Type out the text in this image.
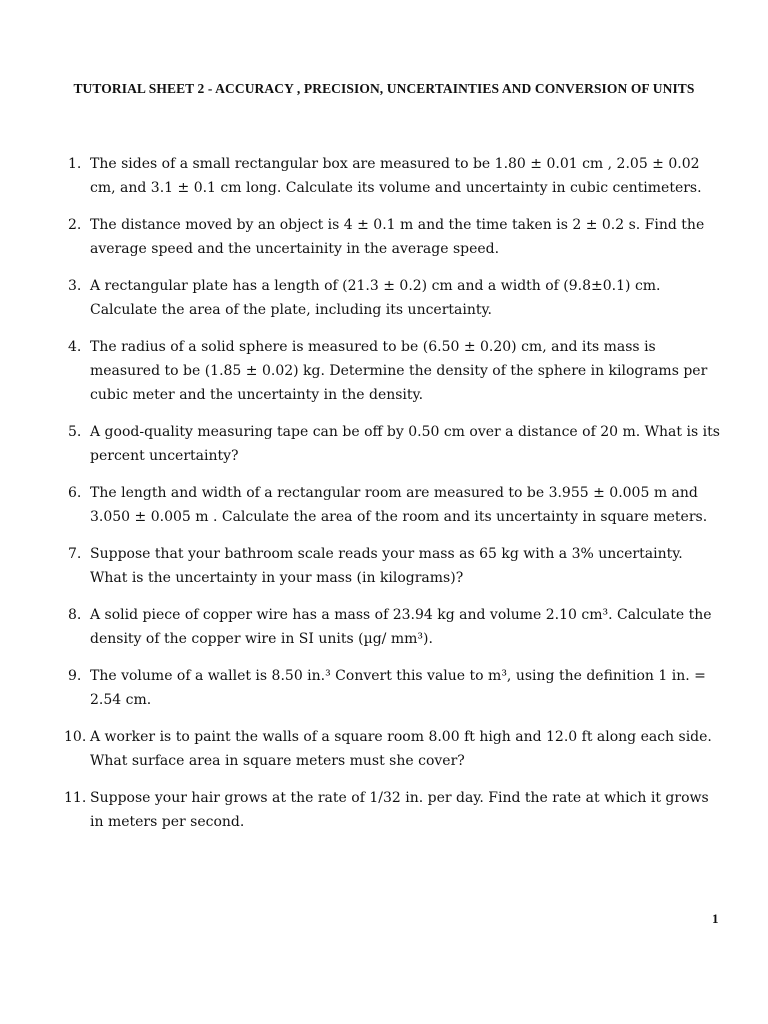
TUTORIAL SHEET 2 - ACCURACY , PRECISION, UNCERTAINTIES AND CONVERSION OF UNITS
1. The sides of a small rectangular box are measured to be 1.80 ± 0.01 cm , 2.05 ± 0.02 cm, and 3.1 ± 0.1 cm long. Calculate its volume and uncertainty in cubic centimeters.
2. The distance moved by an object is 4 ± 0.1 m and the time taken is 2 ± 0.2 s. Find the average speed and the uncertainity in the average speed.
3. A rectangular plate has a length of (21.3 ± 0.2) cm and a width of (9.8±0.1) cm. Calculate the area of the plate, including its uncertainty.
4. The radius of a solid sphere is measured to be (6.50 ± 0.20) cm, and its mass is measured to be (1.85 ± 0.02) kg. Determine the density of the sphere in kilograms per cubic meter and the uncertainty in the density.
5. A good-quality measuring tape can be off by 0.50 cm over a distance of 20 m. What is its percent uncertainty?
6. The length and width of a rectangular room are measured to be 3.955 ± 0.005 m and 3.050 ± 0.005 m . Calculate the area of the room and its uncertainty in square meters.
7. Suppose that your bathroom scale reads your mass as 65 kg with a 3% uncertainty. What is the uncertainty in your mass (in kilograms)?
8. A solid piece of copper wire has a mass of 23.94 kg and volume 2.10 cm³. Calculate the density of the copper wire in SI units (µg/ mm³).
9. The volume of a wallet is 8.50 in.³ Convert this value to m³, using the definition 1 in. = 2.54 cm.
10. A worker is to paint the walls of a square room 8.00 ft high and 12.0 ft along each side. What surface area in square meters must she cover?
11. Suppose your hair grows at the rate of 1/32 in. per day. Find the rate at which it grows in meters per second.
1
